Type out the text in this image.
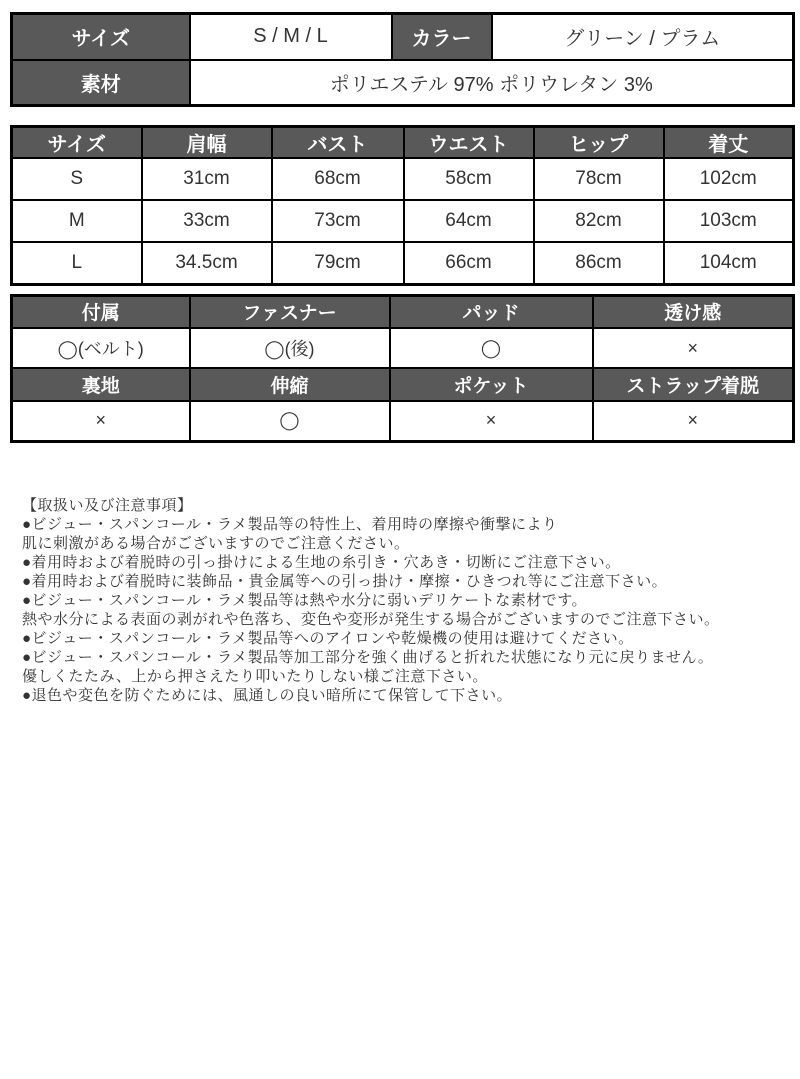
サイズ	S / M / L	カラー	グリーン / プラム
素材	ポリエステル 97% ポリウレタン 3%		
サイズ	肩幅	バスト	ウエスト	ヒップ	着丈
S	31cm	68cm	58cm	78cm	102cm
M	33cm	73cm	64cm	82cm	103cm
L	34.5cm	79cm	66cm	86cm	104cm
付属	ファスナー	パッド	透け感
◯(ベルト)	◯(後)	◯	×
裏地	伸縮	ポケット	ストラップ着脱
×	◯	×	×
【取扱い及び注意事項】
●ビジュー・スパンコール・ラメ製品等の特性上、着用時の摩擦や衝撃により
肌に刺激がある場合がございますのでご注意ください。
●着用時および着脱時の引っ掛けによる生地の糸引き・穴あき・切断にご注意下さい。
●着用時および着脱時に装飾品・貴金属等への引っ掛け・摩擦・ひきつれ等にご注意下さい。
●ビジュー・スパンコール・ラメ製品等は熱や水分に弱いデリケートな素材です。
熱や水分による表面の剥がれや色落ち、変色や変形が発生する場合がございますのでご注意下さい。
●ビジュー・スパンコール・ラメ製品等へのアイロンや乾燥機の使用は避けてください。
●ビジュー・スパンコール・ラメ製品等加工部分を強く曲げると折れた状態になり元に戻りません。
優しくたたみ、上から押さえたり叩いたりしない様ご注意下さい。
●退色や変色を防ぐためには、風通しの良い暗所にて保管して下さい。
